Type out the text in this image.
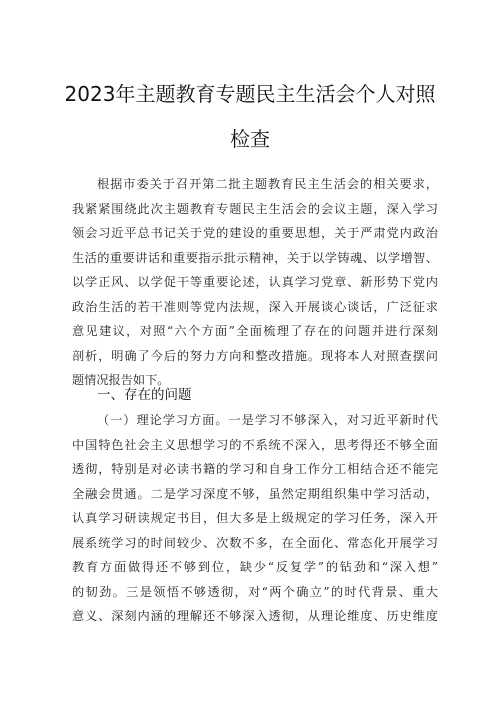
2023年主题教育专题民主生活会个人对照
检查
根据市委关于召开第二批主题教育民主生活会的相关要求，
我紧紧围绕此次主题教育专题民主生活会的会议主题，深入学习
领会习近平总书记关于党的建设的重要思想，关于严肃党内政治
生活的重要讲话和重要指示批示精神，关于以学铸魂、以学增智、
以学正风、以学促干等重要论述，认真学习党章、新形势下党内
政治生活的若干准则等党内法规，深入开展谈心谈话，广泛征求
意见建议，对照“六个方面”全面梳理了存在的问题并进行深刻
剖析，明确了今后的努力方向和整改措施。现将本人对照查摆问
题情况报告如下。
一、存在的问题
（一）理论学习方面。一是学习不够深入，对习近平新时代
中国特色社会主义思想学习的不系统不深入，思考得还不够全面
透彻，特别是对必读书籍的学习和自身工作分工相结合还不能完
全融会贯通。二是学习深度不够，虽然定期组织集中学习活动，
认真学习研读规定书目，但大多是上级规定的学习任务，深入开
展系统学习的时间较少、次数不多，在全面化、常态化开展学习
教育方面做得还不够到位，缺少“反复学”的钻劲和“深入想”
的韧劲。三是领悟不够透彻，对“两个确立”的时代背景、重大
意义、深刻内涵的理解还不够深入透彻，从理论维度、历史维度
